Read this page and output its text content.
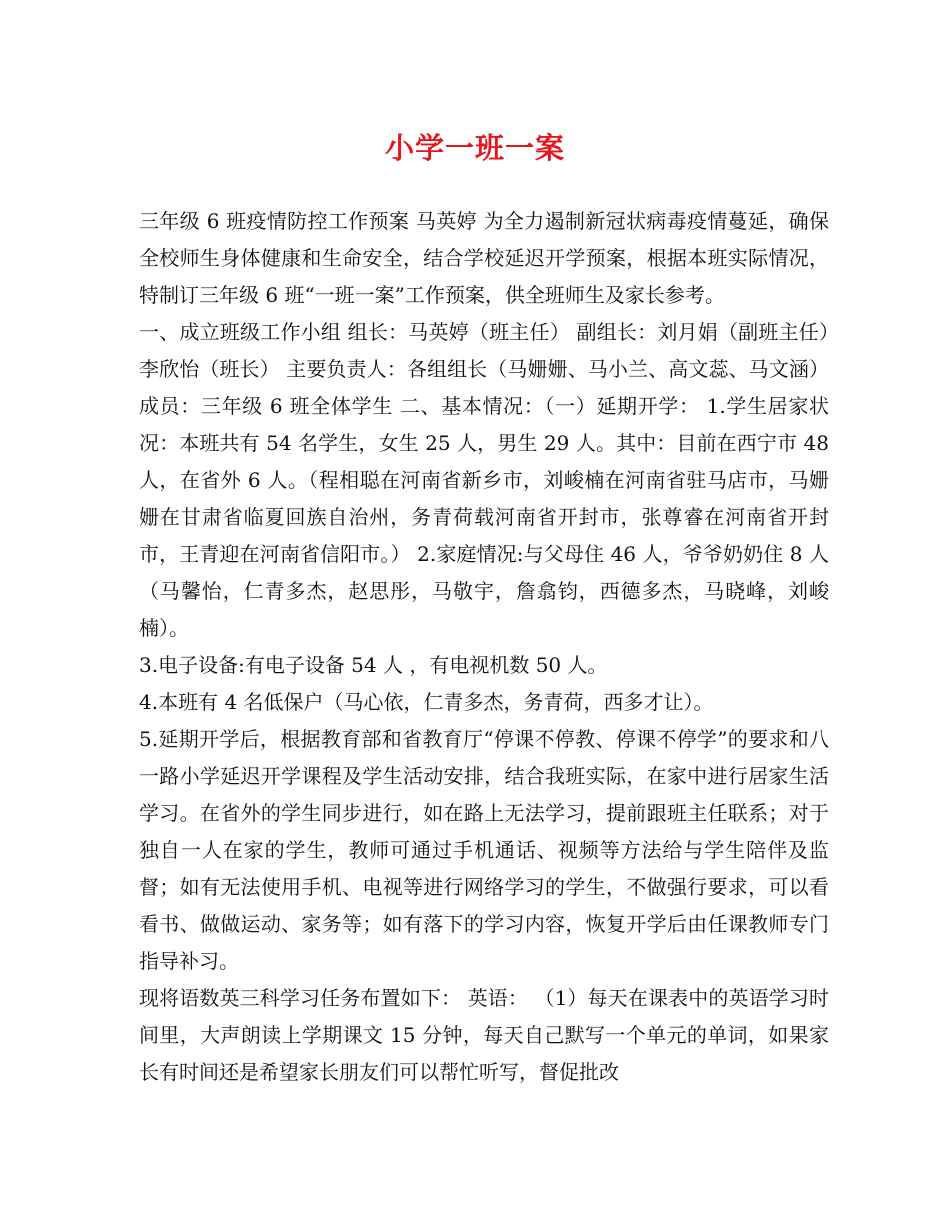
小学一班一案

三年级 6 班疫情防控工作预案 马英婷 为全力遏制新冠状病毒疫情蔓延，确保全校师生身体健康和生命安全，结合学校延迟开学预案，根据本班实际情况，特制订三年级 6 班“一班一案”工作预案，供全班师生及家长参考。

一、成立班级工作小组 组长：马英婷（班主任） 副组长：刘月娟（副班主任）李欣怡（班长） 主要负责人：各组组长（马姗姗、马小兰、高文蕊、马文涵） 成员：三年级 6 班全体学生 二、基本情况：（一）延期开学： 1.学生居家状况：本班共有 54 名学生，女生 25 人，男生 29 人。其中：目前在西宁市 48 人，在省外 6 人。（程相聪在河南省新乡市，刘峻楠在河南省驻马店市，马姗姗在甘肃省临夏回族自治州，务青荷载河南省开封市，张尊睿在河南省开封市，王青迎在河南省信阳市。） 2.家庭情况:与父母住 46 人，爷爷奶奶住 8 人（马馨怡，仁青多杰，赵思彤，马敬宇，詹翕钧，西德多杰，马晓峰，刘峻楠）。

3.电子设备:有电子设备 54 人 ，有电视机数 50 人。

4.本班有 4 名低保户（马心依，仁青多杰，务青荷，西多才让）。

5.延期开学后，根据教育部和省教育厅“停课不停教、停课不停学”的要求和八一路小学延迟开学课程及学生活动安排，结合我班实际，在家中进行居家生活学习。在省外的学生同步进行，如在路上无法学习，提前跟班主任联系；对于独自一人在家的学生，教师可通过手机通话、视频等方法给与学生陪伴及监督；如有无法使用手机、电视等进行网络学习的学生，不做强行要求，可以看看书、做做运动、家务等；如有落下的学习内容，恢复开学后由任课教师专门指导补习。

现将语数英三科学习任务布置如下： 英语： （1）每天在课表中的英语学习时间里，大声朗读上学期课文 15 分钟，每天自己默写一个单元的单词，如果家长有时间还是希望家长朋友们可以帮忙听写，督促批改
